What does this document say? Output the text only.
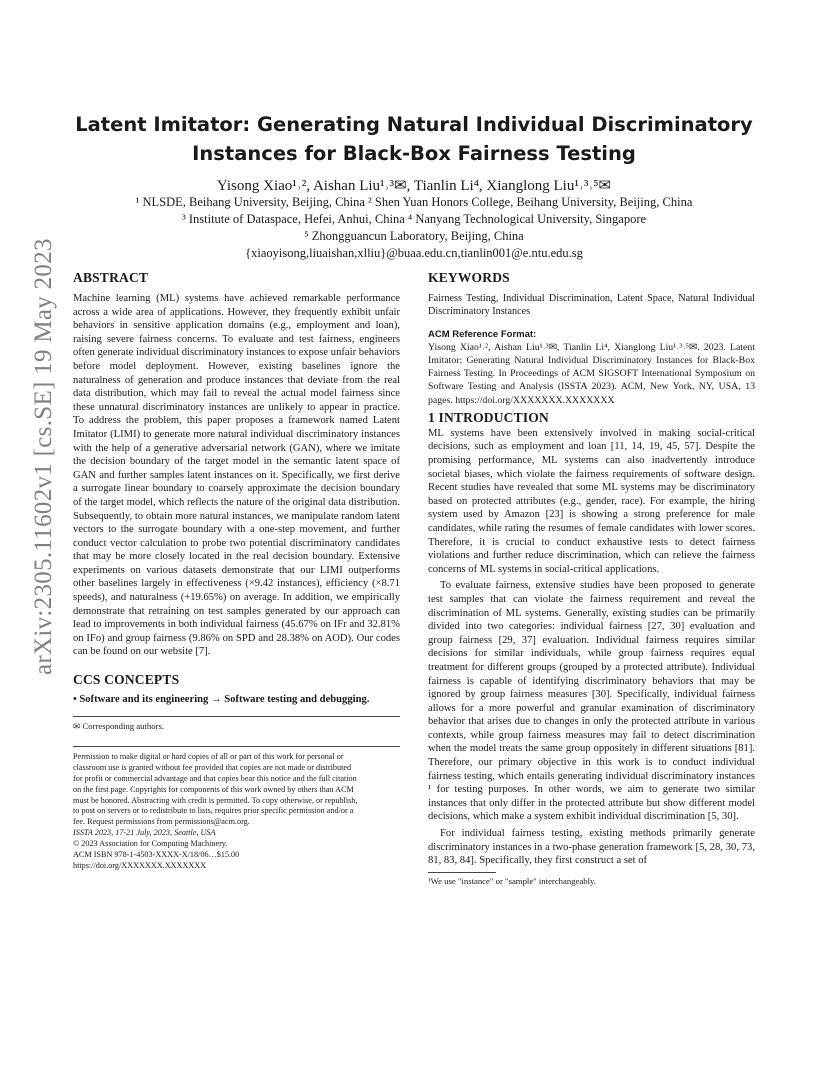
arXiv:2305.11602v1 [cs.SE] 19 May 2023
Latent Imitator: Generating Natural Individual Discriminatory
Instances for Black-Box Fairness Testing
Yisong Xiao¹˒², Aishan Liu¹˒³✉, Tianlin Li⁴, Xianglong Liu¹˒³˒⁵✉
¹ NLSDE, Beihang University, Beijing, China ² Shen Yuan Honors College, Beihang University, Beijing, China
³ Institute of Dataspace, Hefei, Anhui, China ⁴ Nanyang Technological University, Singapore
⁵ Zhongguancun Laboratory, Beijing, China
{xiaoyisong,liuaishan,xlliu}@buaa.edu.cn,tianlin001@e.ntu.edu.sg
ABSTRACT

Machine learning (ML) systems have achieved remarkable performance across a wide area of applications. However, they frequently exhibit unfair behaviors in sensitive application domains (e.g., employment and loan), raising severe fairness concerns. To evaluate and test fairness, engineers often generate individual discriminatory instances to expose unfair behaviors before model deployment. However, existing baselines ignore the naturalness of generation and produce instances that deviate from the real data distribution, which may fail to reveal the actual model fairness since these unnatural discriminatory instances are unlikely to appear in practice. To address the problem, this paper proposes a framework named Latent Imitator (LIMI) to generate more natural individual discriminatory instances with the help of a generative adversarial network (GAN), where we imitate the decision boundary of the target model in the semantic latent space of GAN and further samples latent instances on it. Specifically, we first derive a surrogate linear boundary to coarsely approximate the decision boundary of the target model, which reflects the nature of the original data distribution. Subsequently, to obtain more natural instances, we manipulate random latent vectors to the surrogate boundary with a one-step movement, and further conduct vector calculation to probe two potential discriminatory candidates that may be more closely located in the real decision boundary. Extensive experiments on various datasets demonstrate that our LIMI outperforms other baselines largely in effectiveness (×9.42 instances), efficiency (×8.71 speeds), and naturalness (+19.65%) on average. In addition, we empirically demonstrate that retraining on test samples generated by our approach can lead to improvements in both individual fairness (45.67% on IFr and 32.81% on IFo) and group fairness (9.86% on SPD and 28.38% on AOD). Our codes can be found on our website [7].

CCS CONCEPTS

• Software and its engineering → Software testing and debugging.

✉ Corresponding authors.

Permission to make digital or hard copies of all or part of this work for personal or
classroom use is granted without fee provided that copies are not made or distributed
for profit or commercial advantage and that copies bear this notice and the full citation
on the first page. Copyrights for components of this work owned by others than ACM
must be honored. Abstracting with credit is permitted. To copy otherwise, or republish,
to post on servers or to redistribute to lists, requires prior specific permission and/or a
fee. Request permissions from permissions@acm.org.
ISSTA 2023, 17-21 July, 2023, Seattle, USA
© 2023 Association for Computing Machinery.
ACM ISBN 978-1-4503-XXXX-X/18/06…$15.00
https://doi.org/XXXXXXX.XXXXXXX
KEYWORDS

Fairness Testing, Individual Discrimination, Latent Space, Natural Individual Discriminatory Instances

ACM Reference Format:

Yisong Xiao¹˒², Aishan Liu¹˒³✉, Tianlin Li⁴, Xianglong Liu¹˒³˒⁵✉. 2023. Latent Imitator: Generating Natural Individual Discriminatory Instances for Black-Box Fairness Testing. In Proceedings of ACM SIGSOFT International Symposium on Software Testing and Analysis (ISSTA 2023). ACM, New York, NY, USA, 13 pages. https://doi.org/XXXXXXX.XXXXXXX

1 INTRODUCTION

ML systems have been extensively involved in making social-critical decisions, such as employment and loan [11, 14, 19, 45, 57]. Despite the promising performance, ML systems can also inadvertently introduce societal biases, which violate the fairness requirements of software design. Recent studies have revealed that some ML systems may be discriminatory based on protected attributes (e.g., gender, race). For example, the hiring system used by Amazon [23] is showing a strong preference for male candidates, while rating the resumes of female candidates with lower scores. Therefore, it is crucial to conduct exhaustive tests to detect fairness violations and further reduce discrimination, which can relieve the fairness concerns of ML systems in social-critical applications.

To evaluate fairness, extensive studies have been proposed to generate test samples that can violate the fairness requirement and reveal the discrimination of ML systems. Generally, existing studies can be primarily divided into two categories: individual fairness [27, 30] evaluation and group fairness [29, 37] evaluation. Individual fairness requires similar decisions for similar individuals, while group fairness requires equal treatment for different groups (grouped by a protected attribute). Individual fairness is capable of identifying discriminatory behaviors that may be ignored by group fairness measures [30]. Specifically, individual fairness allows for a more powerful and granular examination of discriminatory behavior that arises due to changes in only the protected attribute in various contexts, while group fairness measures may fail to detect discrimination when the model treats the same group oppositely in different situations [81]. Therefore, our primary objective in this work is to conduct individual fairness testing, which entails generating individual discriminatory instances ¹ for testing purposes. In other words, we aim to generate two similar instances that only differ in the protected attribute but show different model decisions, which make a system exhibit individual discrimination [5, 30].

For individual fairness testing, existing methods primarily generate discriminatory instances in a two-phase generation framework [5, 28, 30, 73, 81, 83, 84]. Specifically, they first construct a set of

¹We use "instance" or "sample" interchangeably.
